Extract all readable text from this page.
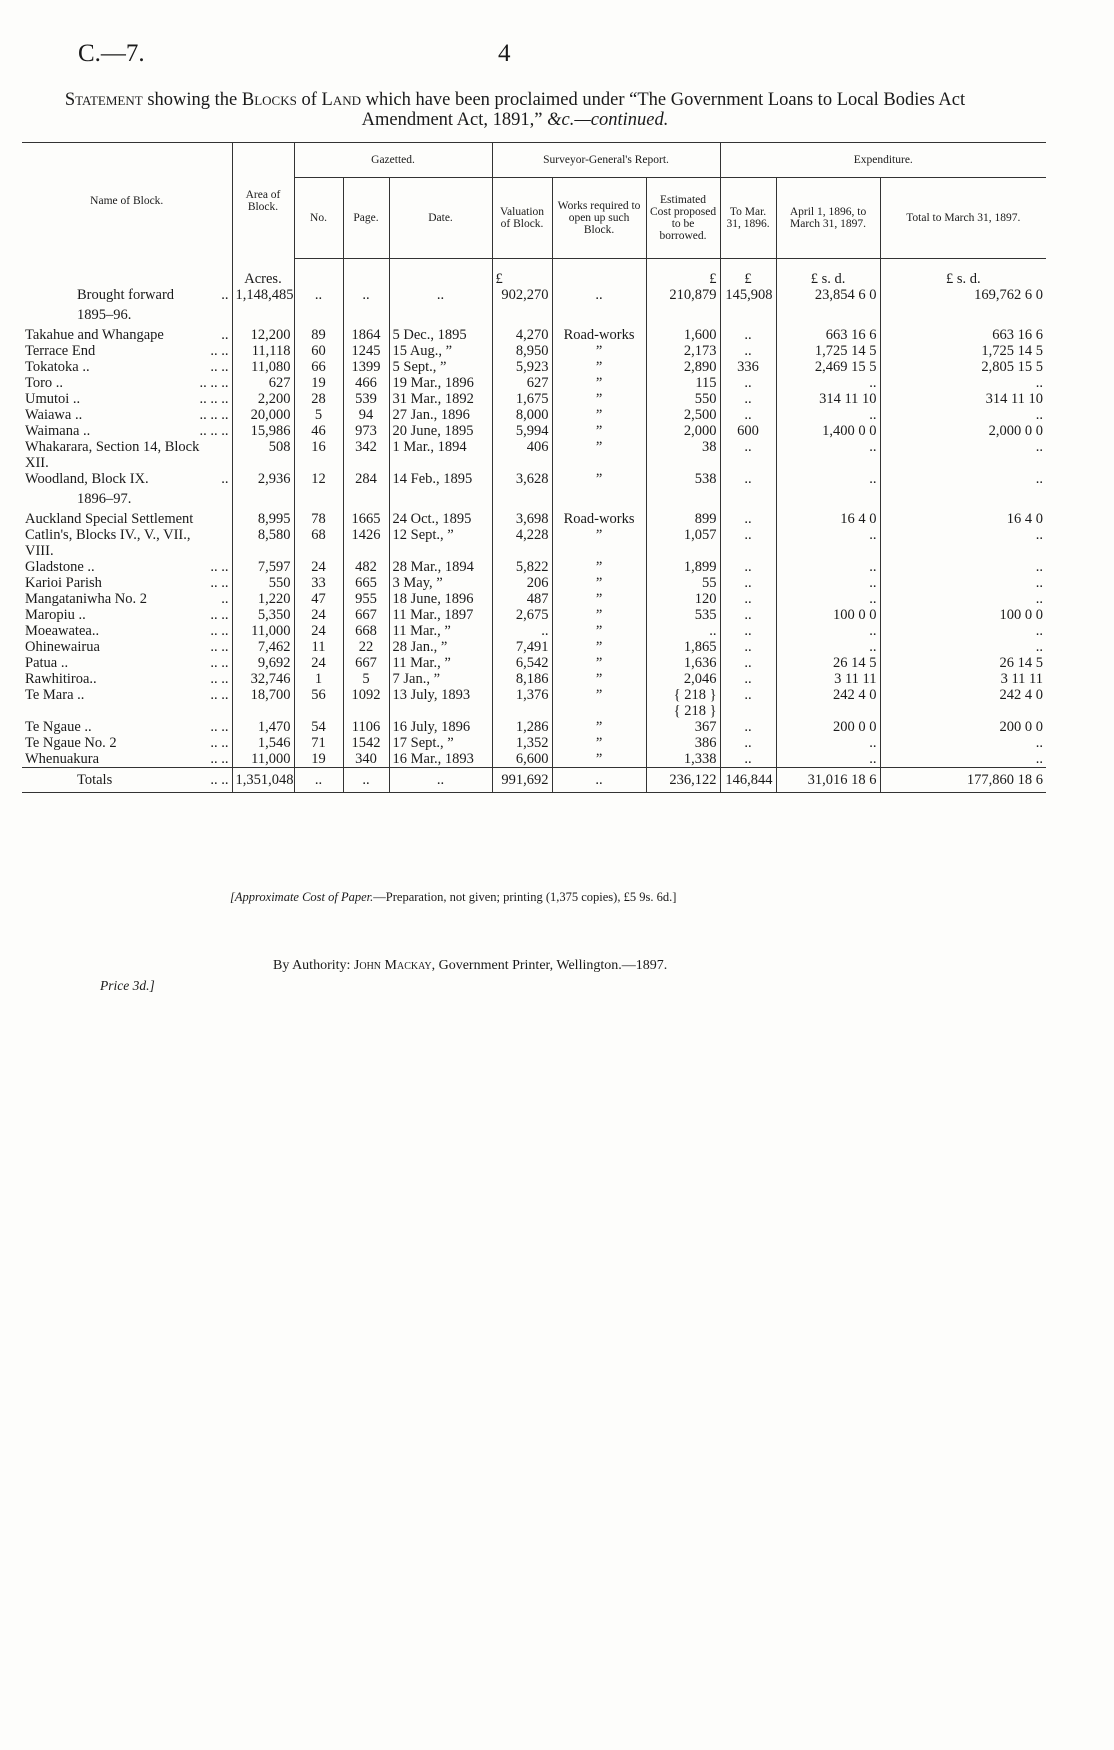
C.—7.	4
Statement showing the Blocks of Land which have been proclaimed under “The Government Loans to Local Bodies Act Amendment Act, 1891,” &c.—continued.
Name of Block.	Area of Block.	Gazetted.			Surveyor-General's Report.			Expenditure.		
		No.	Page.	Date.	Valuation of Block.	Works required to open up such Block.	Estimated Cost proposed to be borrowed.	To Mar. 31, 1896.	April 1, 1896, to March 31, 1897.	Total to March 31, 1897.

	Acres.				£		£	£	£ s. d.	£ s. d.
Brought forward ..	1,148,485	..	..	..	902,270	..	210,879	145,908	23,854 6 0	169,762 6 0
1895–96.										
Takahue and Whangape ..	12,200	89	1864	5 Dec., 1895	4,270	Road-works	1,600	..	663 16 6	663 16 6
Terrace End .. ..	11,118	60	1245	15 Aug., ”	8,950	”	2,173	..	1,725 14 5	1,725 14 5
Tokatoka .. .. ..	11,080	66	1399	5 Sept., ”	5,923	”	2,890	336	2,469 15 5	2,805 15 5
Toro .. .. .. ..	627	19	466	19 Mar., 1896	627	”	115	..	..	..
Umutoi .. .. .. ..	2,200	28	539	31 Mar., 1892	1,675	”	550	..	314 11 10	314 11 10
Waiawa .. .. .. ..	20,000	5	94	27 Jan., 1896	8,000	”	2,500	..	..	..
Waimana .. .. .. ..	15,986	46	973	20 June, 1895	5,994	”	2,000	600	1,400 0 0	2,000 0 0
Whakarara, Section 14, Block	508	16	342	1 Mar., 1894	406	”	38	..	..	..
XII.

Woodland, Block IX. ..	2,936	12	284	14 Feb., 1895	3,628	”	538	..	..	..
1896–97.										
Auckland Special Settlement	8,995	78	1665	24 Oct., 1895	3,698	Road-works	899	..	16 4 0	16 4 0
Catlin's, Blocks IV., V., VII.,	8,580	68	1426	12 Sept., ”	4,228	”	1,057	..	..	..
VIII.

Gladstone .. .. ..	7,597	24	482	28 Mar., 1894	5,822	”	1,899	..	..	..
Karioi Parish .. ..	550	33	665	3 May, ”	206	”	55	..	..	..
Mangataniwha No. 2 ..	1,220	47	955	18 June, 1896	487	”	120	..	..	..
Maropiu .. .. ..	5,350	24	667	11 Mar., 1897	2,675	”	535	..	100 0 0	100 0 0
Moeawatea.. .. ..	11,000	24	668	11 Mar., ”	..	”	..	..	..	..
Ohinewairua .. ..	7,462	11	22	28 Jan., ”	7,491	”	1,865	..	..	..
Patua .. .. ..	9,692	24	667	11 Mar., ”	6,542	”	1,636	..	26 14 5	26 14 5
Rawhitiroa.. .. ..	32,746	1	5	7 Jan., ”	8,186	”	2,046	..	3 11 11	3 11 11
Te Mara .. .. ..	18,700	56	1092	13 July, 1893	1,376	”	{ 218 }	..	242 4 0	242 4 0

							{ 218 }			
Te Ngaue .. .. ..	1,470	54	1106	16 July, 1896	1,286	”	367	..	200 0 0	200 0 0
Te Ngaue No. 2 .. ..	1,546	71	1542	17 Sept., ”	1,352	”	386	..	..	..
Whenuakura .. ..	11,000	19	340	16 Mar., 1893	6,600	”	1,338	..	..	..
Totals .. ..	1,351,048	..	..	..	991,692	..	236,122	146,844	31,016 18 6	177,860 18 6
[Approximate Cost of Paper.—Preparation, not given; printing (1,375 copies), £5 9s. 6d.]
By Authority: John Mackay, Government Printer, Wellington.—1897.
Price 3d.]
